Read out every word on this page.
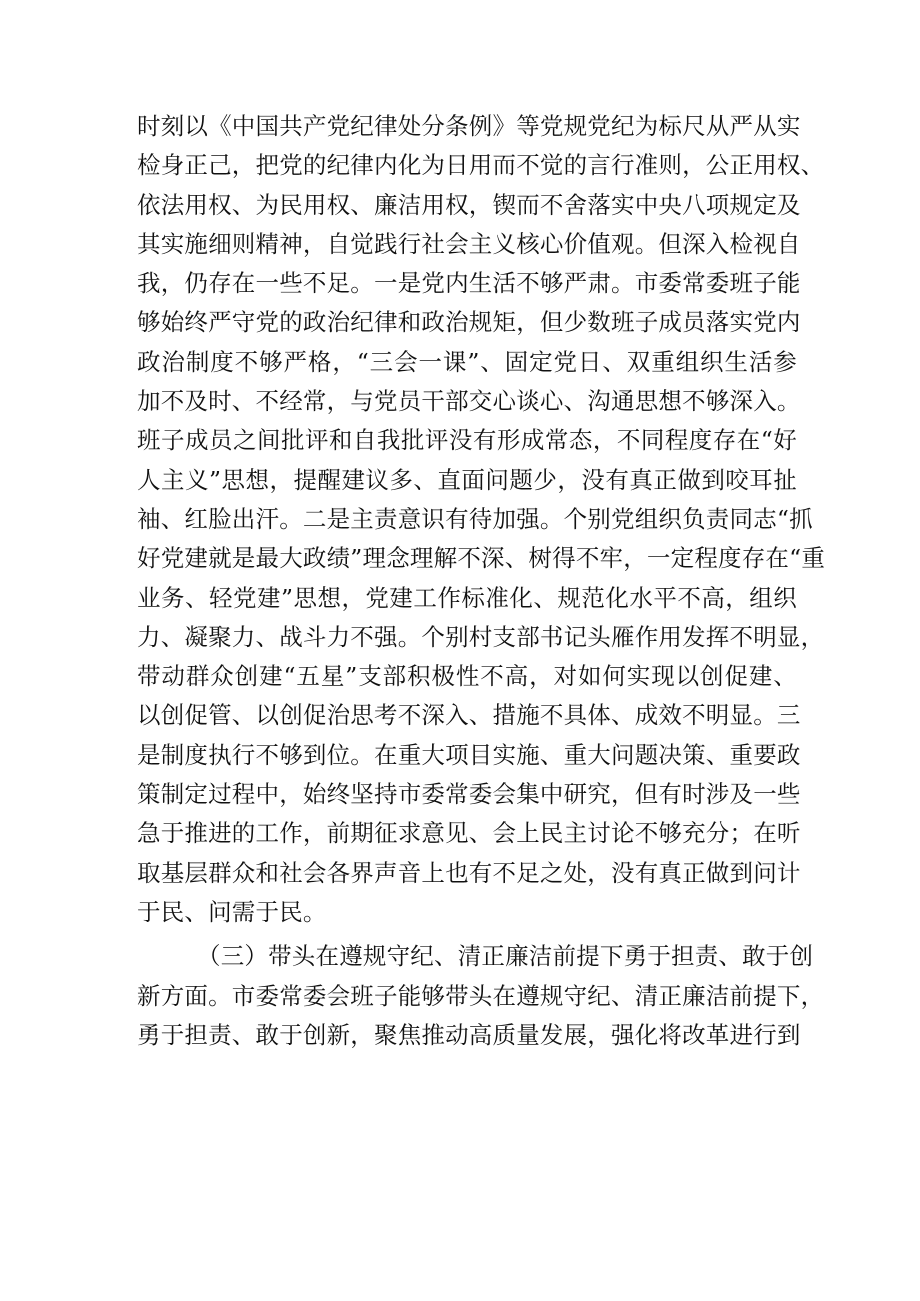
时刻以《中国共产党纪律处分条例》等党规党纪为标尺从严从实
检身正己，把党的纪律内化为日用而不觉的言行准则，公正用权、
依法用权、为民用权、廉洁用权，锲而不舍落实中央八项规定及
其实施细则精神，自觉践行社会主义核心价值观。但深入检视自
我，仍存在一些不足。一是党内生活不够严肃。市委常委班子能
够始终严守党的政治纪律和政治规矩，但少数班子成员落实党内
政治制度不够严格，“三会一课”、固定党日、双重组织生活参
加不及时、不经常，与党员干部交心谈心、沟通思想不够深入。
班子成员之间批评和自我批评没有形成常态，不同程度存在“好
人主义”思想，提醒建议多、直面问题少，没有真正做到咬耳扯
袖、红脸出汗。二是主责意识有待加强。个别党组织负责同志“抓
好党建就是最大政绩”理念理解不深、树得不牢，一定程度存在“重
业务、轻党建”思想，党建工作标准化、规范化水平不高，组织
力、凝聚力、战斗力不强。个别村支部书记头雁作用发挥不明显，
带动群众创建“五星”支部积极性不高，对如何实现以创促建、
以创促管、以创促治思考不深入、措施不具体、成效不明显。三
是制度执行不够到位。在重大项目实施、重大问题决策、重要政
策制定过程中，始终坚持市委常委会集中研究，但有时涉及一些
急于推进的工作，前期征求意见、会上民主讨论不够充分；在听
取基层群众和社会各界声音上也有不足之处，没有真正做到问计
于民、问需于民。
（三）带头在遵规守纪、清正廉洁前提下勇于担责、敢于创
新方面。市委常委会班子能够带头在遵规守纪、清正廉洁前提下，
勇于担责、敢于创新，聚焦推动高质量发展，强化将改革进行到
